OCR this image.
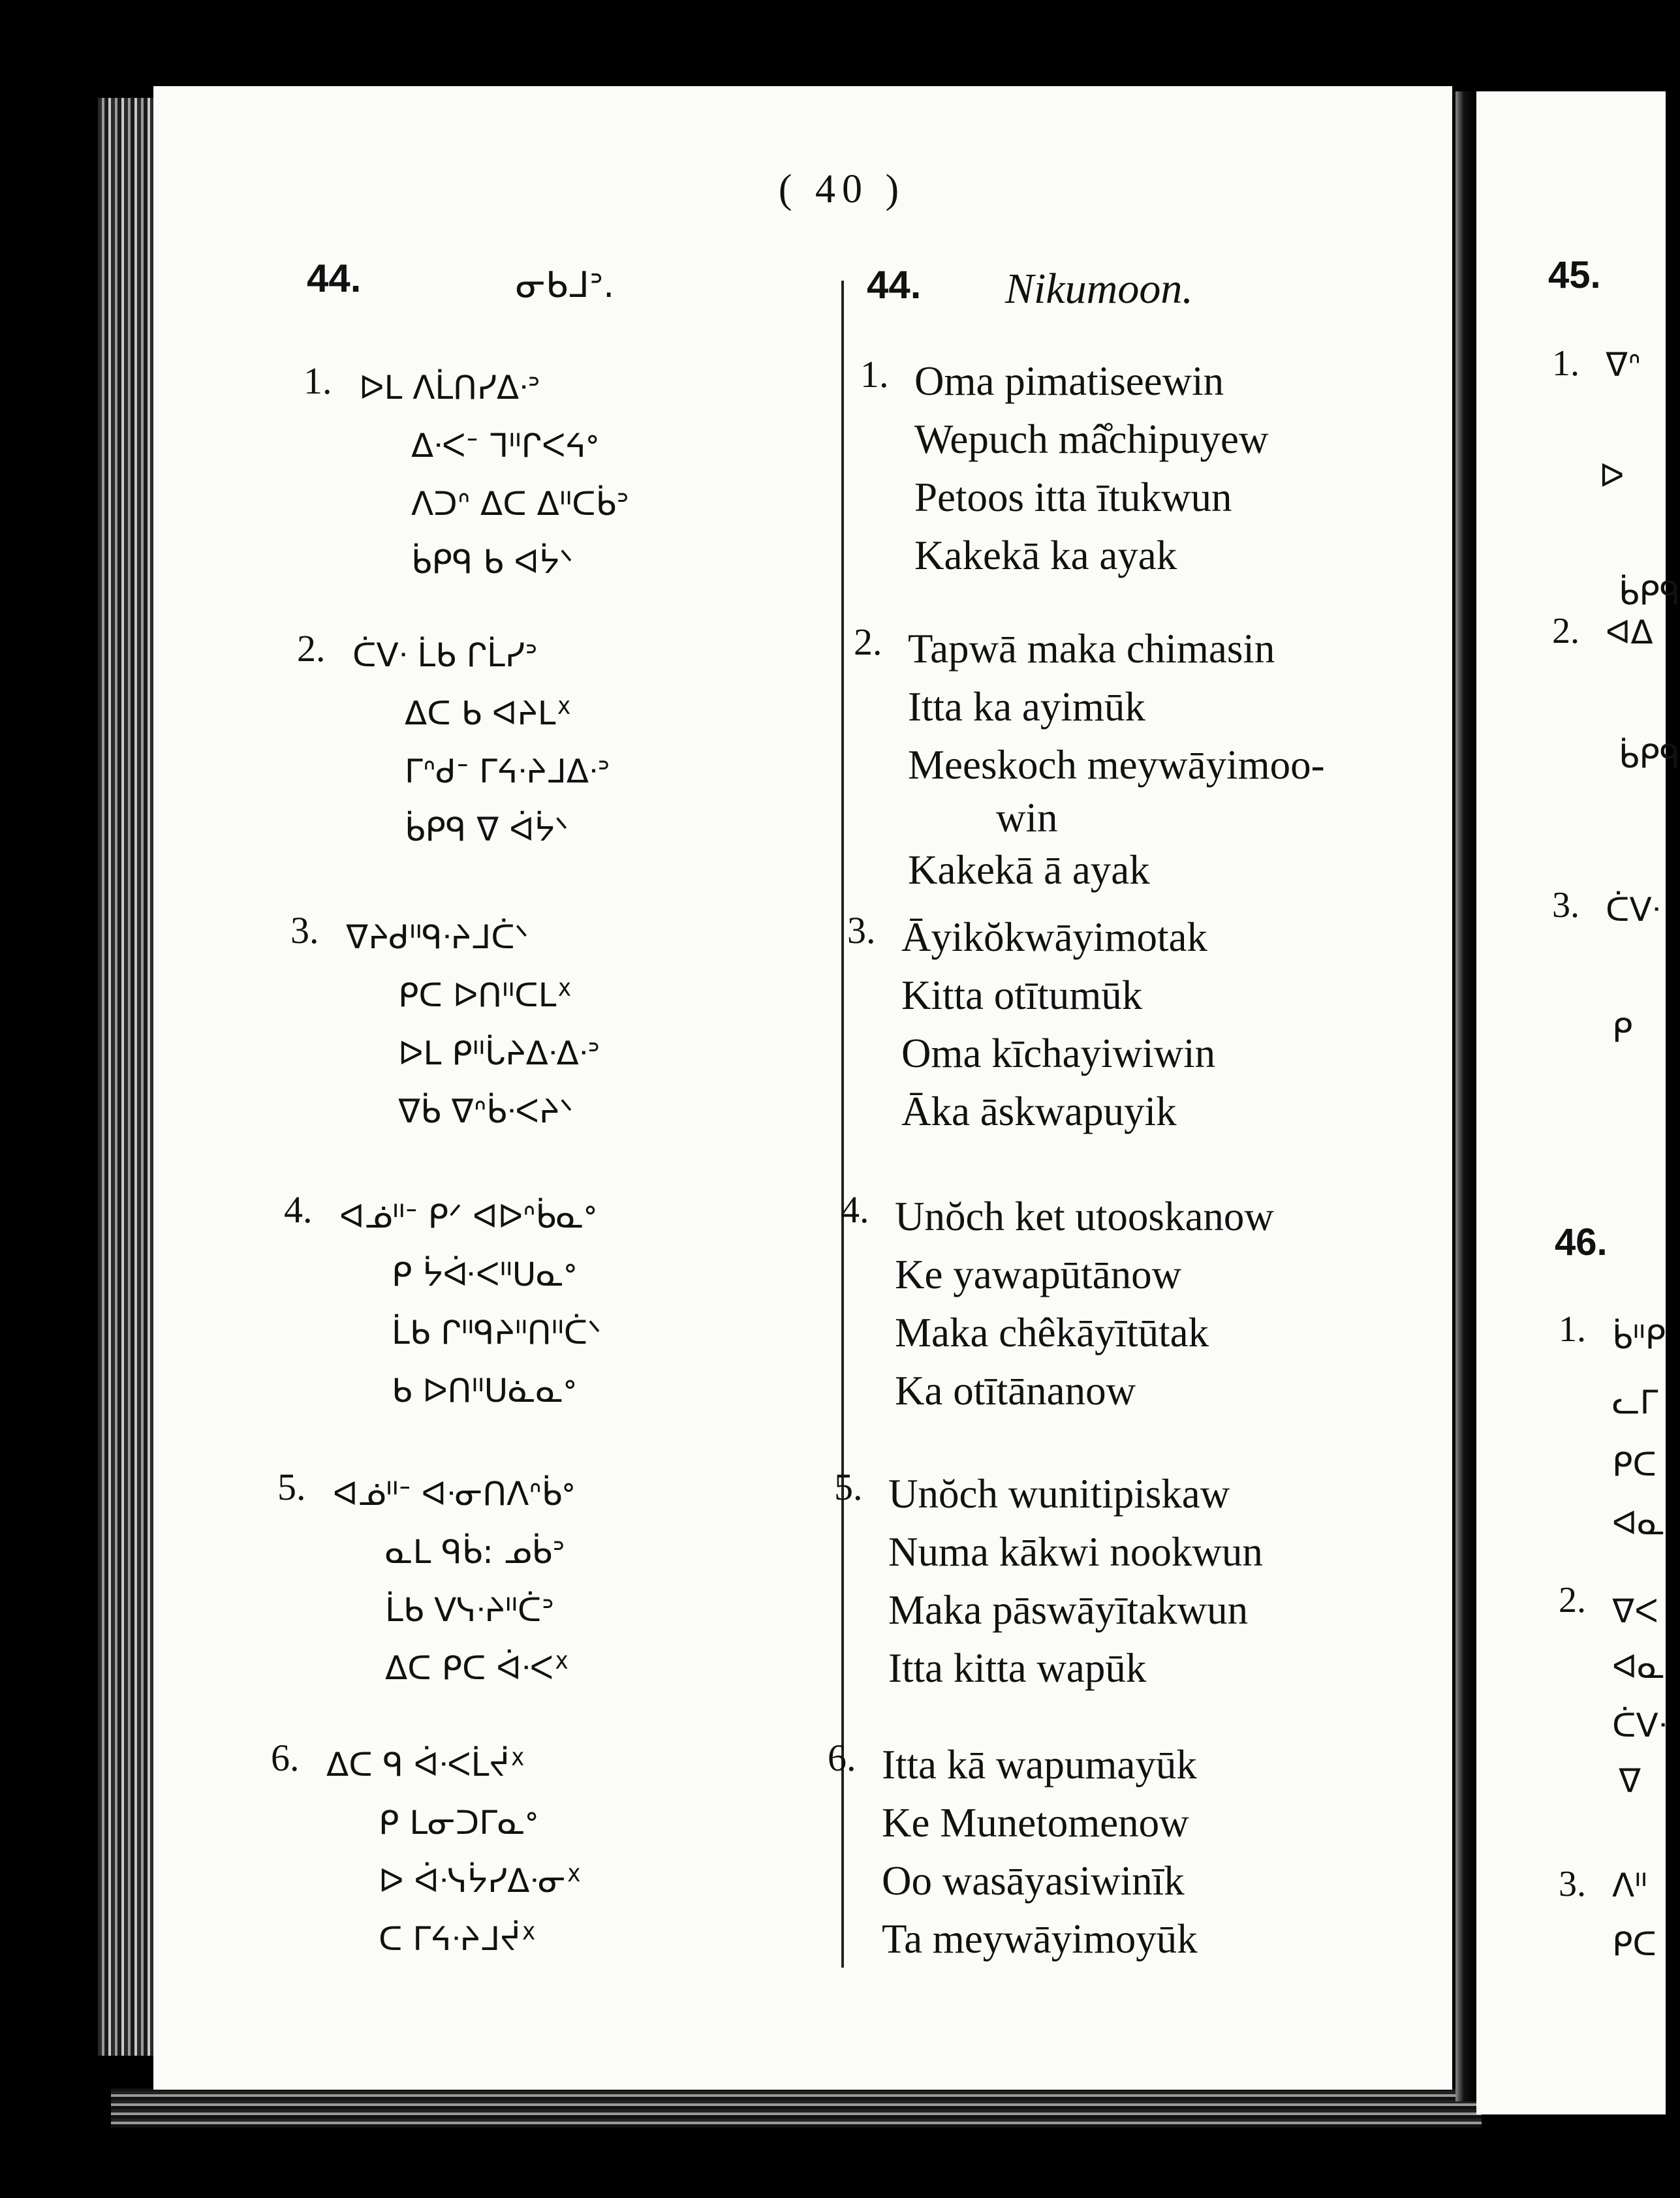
( 40 )
44.	ᓂᑲᒧᐣ.
1. ᐅᒪ ᐱᒫᑎᓯᐃᐧᐣ
ᐃᐧᐸᐨ ᒣᐦᒋᐸᔦᐤ
ᐱᑐᐢ ᐃᑕ ᐃᐦᑕᑳᐣ
ᑳᑭᑫ ᑲ ᐊᔮᐠ
2. ᑖᐯᐧ ᒫᑲ ᒋᒫᓯᐣ
ᐃᑕ ᑲ ᐊᔨᒪᕽ
ᒥᐢᑯᐨ ᒥᔦᐧᔨᒧᐃᐧᐣ
ᑳᑭᑫ ᐁ ᐋᔮᐠ
3. ᐁᔨᑯᐦᑫᐧᔨᒧᑖᐠ
ᑭᑕ ᐅᑎᐦᑕᒪᕽ
ᐅᒪ ᑭᐦᒑᔨᐃᐧᐃᐧᐣ
ᐁᑳ ᐁᐢᑳᐧᐸᔨᐠ
4. ᐊᓅᐦᐨ ᑭᐟ ᐊᐅᐢᑳᓇᐤ
ᑭ ᔮᐚᐸᐦᑌᓇᐤ
ᒫᑲ ᒋᐦᑫᔨᐦᑎᐦᑖᐠ
ᑲ ᐅᑎᐦᑌᓈᓇᐤ
5. ᐊᓅᐦᐨ ᐊᐧᓂᑎᐱᐢᑳᐤ
ᓇᒪ ᑫᑳ: ᓄᑳᐣ
ᒫᑲ ᐯᓭᐧᔨᐦᑖᐣ
ᐃᑕ ᑭᑕ ᐋᐧᐸᕽ
6. ᐃᑕ ᑫ ᐋᐧᐸᒫᔫᕽ
ᑭ ᒪᓂᑐᒥᓇᐤ
ᐅ ᐋᐧᓭᔮᓯᐃᐧᓂᕽ
ᑕ ᒥᔦᐧᔨᒧᔫᕽ
44. Nikumoon.
1. Oma pimatiseewin
Wepuch mâ̊chipuyew
Petoos itta ītukwun
Kakekā ka ayak
2. Tapwā maka chimasin
Itta ka ayimūk
Meeskoch meywāyimoo-
win
Kakekā ā ayak
3. Āyikŏkwāyimotak
Kitta otītumūk
Oma kīchayiwiwin
Āka āskwapuyik
4. Unŏch ket utooskanow
Ke yawapūtānow
Maka chêkāyītūtak
Ka otītānanow
5. Unŏch wunitipiskaw
Numa kākwi nookwun
Maka pāswāyītakwun
Itta kitta wapūk
6. Itta kā wapumayūk
Ke Munetomenow
Oo wasāyasiwinīk
Ta meywāyimoyūk
45.
46.
1.
2.
3.
1.
2.
3.
ᐁᐢ
ᐅ
ᑳᑭᑫ
ᐊᐃ
ᑳᑭᑫ
ᑖᐯᐧ
ᑭ
ᑳᐦᑭ
ᓚᒥ
ᑭᑕ
ᐊᓇ
ᐁᐸ
ᐊᓇ
ᑖᐯᐧ
ᐁ
ᐱᐦ
ᑭᑕ
